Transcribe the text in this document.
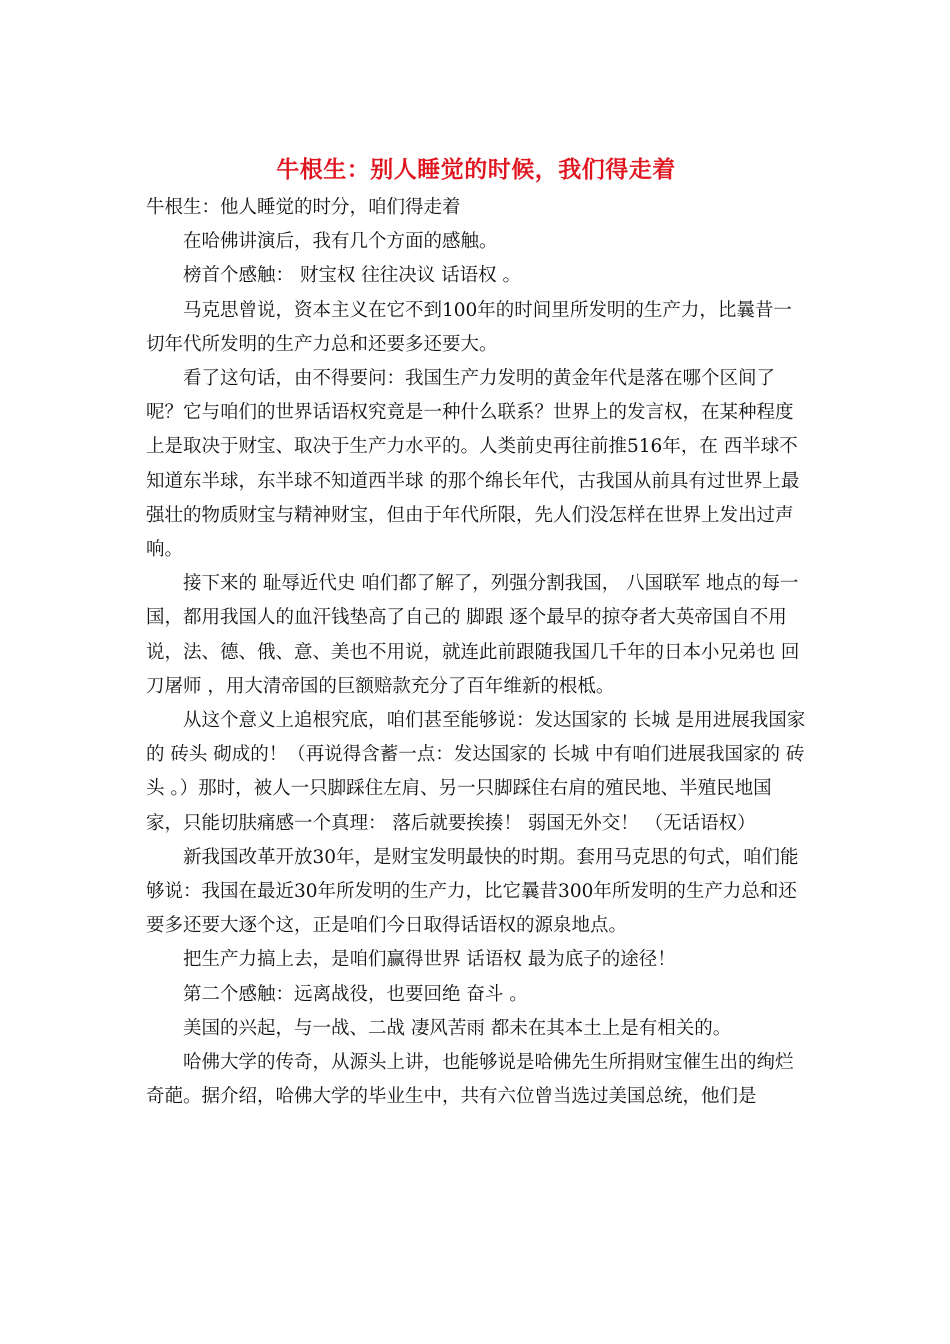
牛根生：别人睡觉的时候，我们得走着

牛根生：他人睡觉的时分，咱们得走着

在哈佛讲演后，我有几个方面的感触。

榜首个感触： 财宝权 往往决议 话语权 。

马克思曾说，资本主义在它不到100年的时间里所发明的生产力，比曩昔一切年代所发明的生产力总和还要多还要大。

看了这句话，由不得要问：我国生产力发明的黄金年代是落在哪个区间了呢？它与咱们的世界话语权究竟是一种什么联系？世界上的发言权，在某种程度上是取决于财宝、取决于生产力水平的。人类前史再往前推516年，在 西半球不知道东半球，东半球不知道西半球 的那个绵长年代，古我国从前具有过世界上最强壮的物质财宝与精神财宝，但由于年代所限，先人们没怎样在世界上发出过声响。

接下来的 耻辱近代史 咱们都了解了，列强分割我国， 八国联军 地点的每一国，都用我国人的血汗钱垫高了自己的 脚跟 逐个最早的掠夺者大英帝国自不用说，法、德、俄、意、美也不用说，就连此前跟随我国几千年的日本小兄弟也 回刀屠师 ，用大清帝国的巨额赔款充分了百年维新的根柢。

从这个意义上追根究底，咱们甚至能够说：发达国家的 长城 是用进展我国家的 砖头 砌成的！（再说得含蓄一点：发达国家的 长城 中有咱们进展我国家的 砖头 。）那时，被人一只脚踩住左肩、另一只脚踩住右肩的殖民地、半殖民地国家，只能切肤痛感一个真理： 落后就要挨揍！ 弱国无外交！ （无话语权）

新我国改革开放30年，是财宝发明最快的时期。套用马克思的句式，咱们能够说：我国在最近30年所发明的生产力，比它曩昔300年所发明的生产力总和还要多还要大逐个这，正是咱们今日取得话语权的源泉地点。

把生产力搞上去，是咱们赢得世界 话语权 最为底子的途径！

第二个感触：远离战役，也要回绝 奋斗 。

美国的兴起，与一战、二战 凄风苦雨 都未在其本土上是有相关的。

哈佛大学的传奇，从源头上讲，也能够说是哈佛先生所捐财宝催生出的绚烂奇葩。据介绍，哈佛大学的毕业生中，共有六位曾当选过美国总统，他们是
